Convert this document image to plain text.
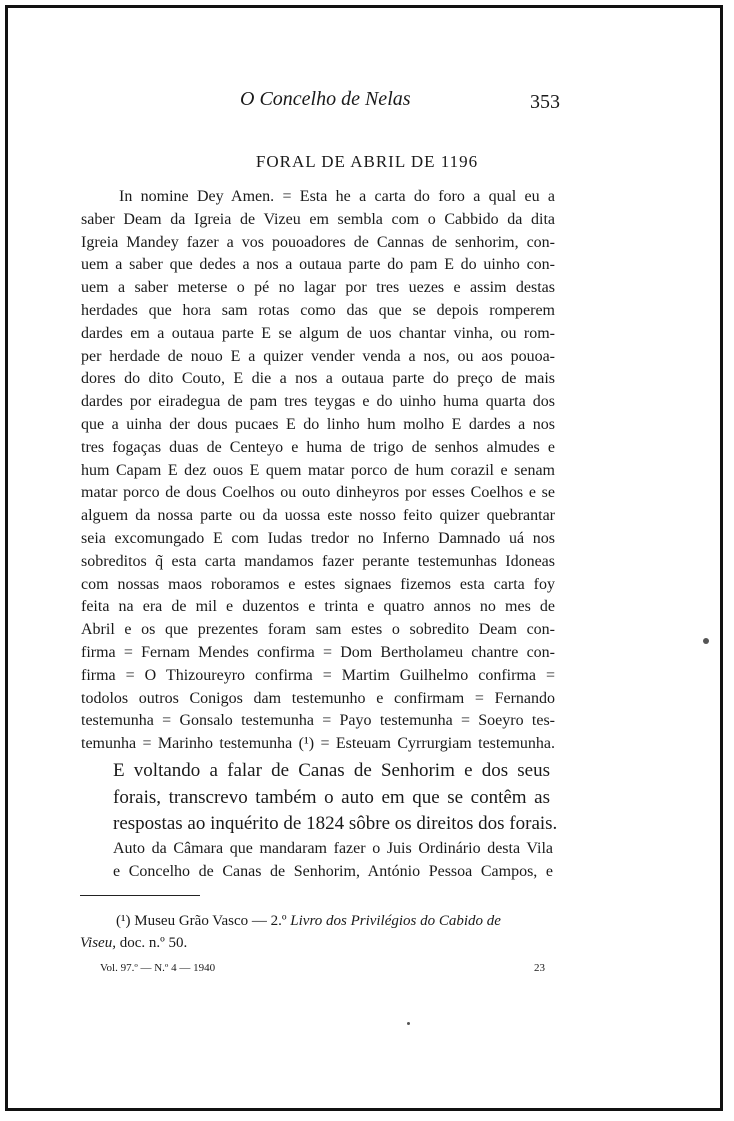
O Concelho de Nelas	353
FORAL DE ABRIL DE 1196

In nomine Dey Amen. = Esta he a carta do foro a qual eu a
saber Deam da Igreia de Vizeu em sembla com o Cabbido da dita
Igreia Mandey fazer a vos pouoadores de Cannas de senhorim, con-
uem a saber que dedes a nos a outaua parte do pam E do uinho con-
uem a saber meterse o pé no lagar por tres uezes e assim destas
herdades que hora sam rotas como das que se depois romperem
dardes em a outaua parte E se algum de uos chantar vinha, ou rom-
per herdade de nouo E a quizer vender venda a nos, ou aos pouoa-
dores do dito Couto, E die a nos a outaua parte do preço de mais
dardes por eiradegua de pam tres teygas e do uinho huma quarta dos
que a uinha der dous pucaes E do linho hum molho E dardes a nos
tres fogaças duas de Centeyo e huma de trigo de senhos almudes e
hum Capam E dez ouos E quem matar porco de hum corazil e senam
matar porco de dous Coelhos ou outo dinheyros por esses Coelhos e se
alguem da nossa parte ou da uossa este nosso feito quizer quebrantar
seia excomungado E com Iudas tredor no Inferno Damnado uá nos
sobreditos q̃ esta carta mandamos fazer perante testemunhas Idoneas
com nossas maos roboramos e estes signaes fizemos esta carta foy
feita na era de mil e duzentos e trinta e quatro annos no mes de
Abril e os que prezentes foram sam estes o sobredito Deam con-
firma = Fernam Mendes confirma = Dom Bertholameu chantre con-
firma = O Thizoureyro confirma = Martim Guilhelmo confirma =
todolos outros Conigos dam testemunho e confirmam = Fernando
testemunha = Gonsalo testemunha = Payo testemunha = Soeyro tes-
temunha = Marinho testemunha (¹) = Esteuam Cyrrurgiam testemunha.

E voltando a falar de Canas de Senhorim e dos seus
forais, transcrevo também o auto em que se contêm as
respostas ao inquérito de 1824 sôbre os direitos dos forais.

Auto da Câmara que mandaram fazer o Juis Ordinário desta Vila
e Concelho de Canas de Senhorim, António Pessoa Campos, e

(¹) Museu Grão Vasco — 2.º Livro dos Privilégios do Cabido de
Viseu, doc. n.º 50.

Vol. 97.º — N.º 4 — 1940	23
